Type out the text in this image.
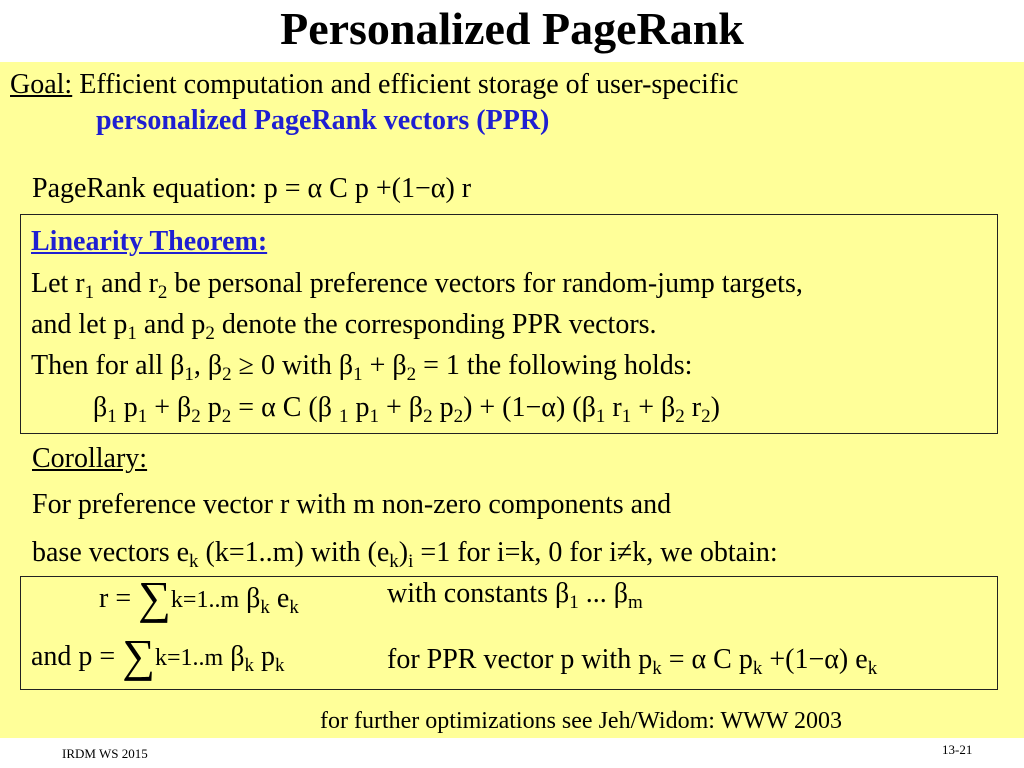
Personalized PageRank
Goal: Efficient computation and efficient storage of user-specific
personalized PageRank vectors (PPR)
PageRank equation: p = α C p +(1−α) r
Linearity Theorem:
Let $r_1$ and $r_2$ be personal preference vectors for random-jump targets,
and let $p_1$ and $p_2$ denote the corresponding PPR vectors.
Then for all $\beta_1$, $\beta_2 \ge 0$ with $\beta_1 + \beta_2 = 1$ the following holds:
$\beta_1$ $p_1 + \beta_2$ $p_2 = \alpha$ C (β $_1$ $p_1 + \beta_2$ $p_2) + (1-\alpha)$ ($\beta_1$ $r_1 + \beta_2$ $r_2$)
Corollary:
For preference vector r with m non-zero components and
base vectors $e_k$ (k=1..m) with $(e_k)_i =1$ for i=k, 0 for i≠k, we obtain:
r = ∑k=1..m $\beta_k$ $e_k$	with constants $\beta_1$ ... $\beta_m$
and p = ∑k=1..m $\beta_k$ $p_k$	for PPR vector p with $p_k = \alpha$ C $p_k +(1-\alpha)$ $e_k$
for further optimizations see Jeh/Widom: WWW 2003
IRDM WS 2015	13-21
